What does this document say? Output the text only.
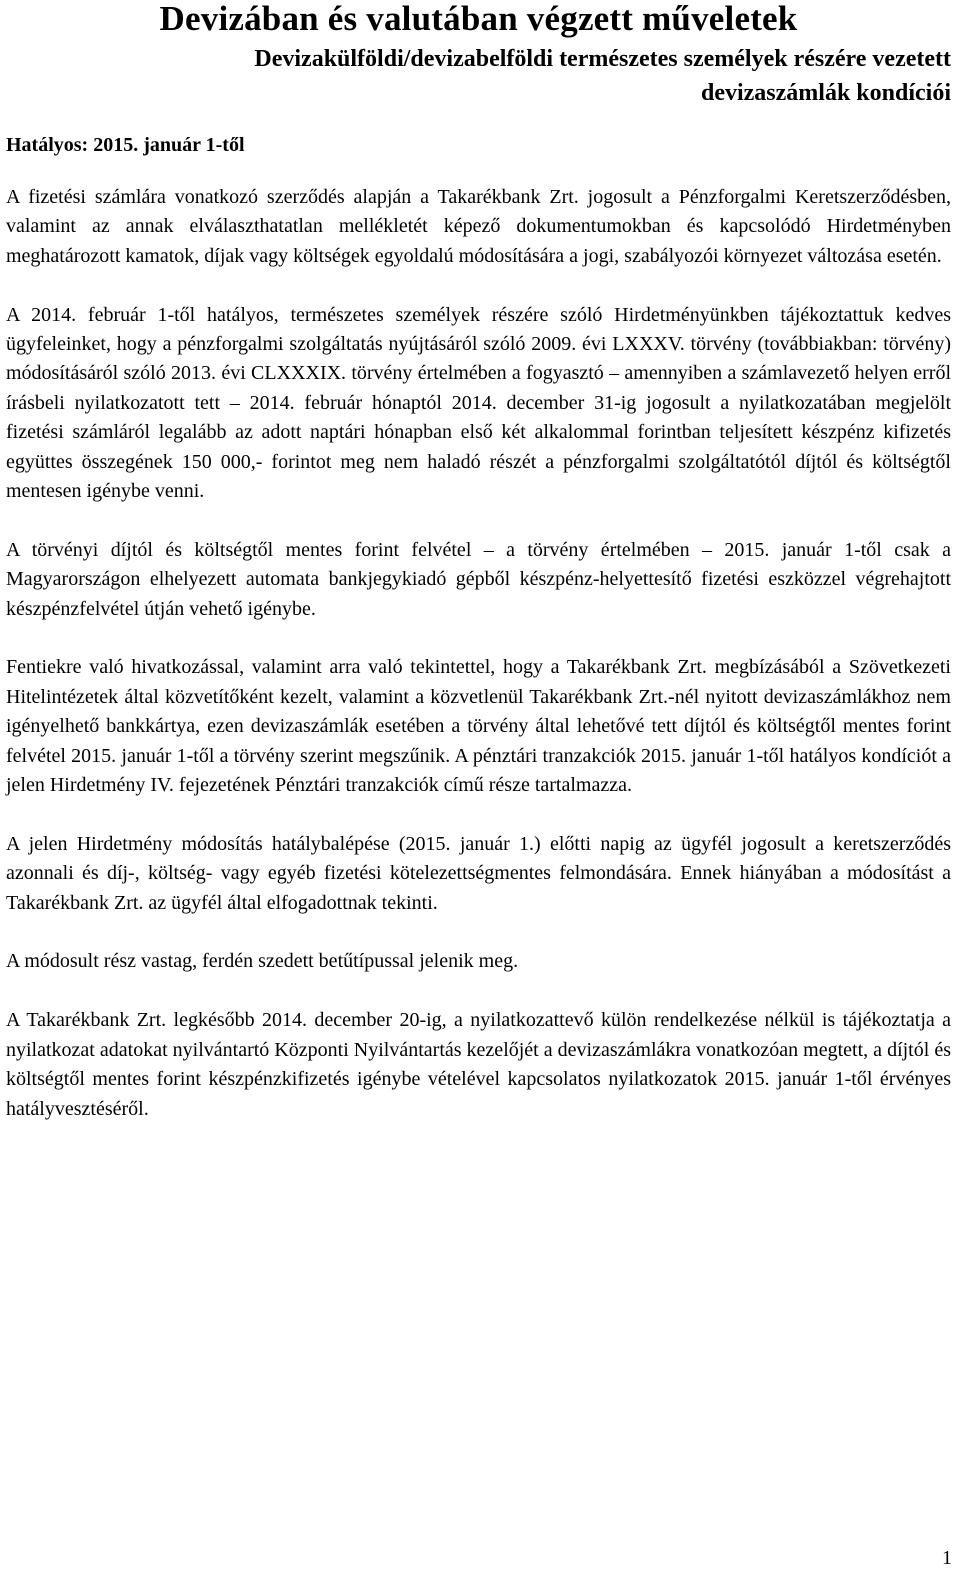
Devizában és valutában végzett műveletek
Devizakülföldi/devizabelföldi természetes személyek részére vezetett
devizaszámlák kondíciói
Hatályos: 2015. január 1-től

A fizetési számlára vonatkozó szerződés alapján a Takarékbank Zrt. jogosult a Pénzforgalmi Keretszerződésben, valamint az annak elválaszthatatlan mellékletét képező dokumentumokban és kapcsolódó Hirdetményben meghatározott kamatok, díjak vagy költségek egyoldalú módosítására a jogi, szabályozói környezet változása esetén.

A 2014. február 1-től hatályos, természetes személyek részére szóló Hirdetményünkben tájékoztattuk kedves ügyfeleinket, hogy a pénzforgalmi szolgáltatás nyújtásáról szóló 2009. évi LXXXV. törvény (továbbiakban: törvény) módosításáról szóló 2013. évi CLXXXIX. törvény értelmében a fogyasztó – amennyiben a számlavezető helyen erről írásbeli nyilatkozatott tett – 2014. február hónaptól 2014. december 31-ig jogosult a nyilatkozatában megjelölt fizetési számláról legalább az adott naptári hónapban első két alkalommal forintban teljesített készpénz kifizetés együttes összegének 150 000,- forintot meg nem haladó részét a pénzforgalmi szolgáltatótól díjtól és költségtől mentesen igénybe venni.

A törvényi díjtól és költségtől mentes forint felvétel – a törvény értelmében – 2015. január 1-től csak a Magyarországon elhelyezett automata bankjegykiadó gépből készpénz-helyettesítő fizetési eszközzel végrehajtott készpénzfelvétel útján vehető igénybe.

Fentiekre való hivatkozással, valamint arra való tekintettel, hogy a Takarékbank Zrt. megbízásából a Szövetkezeti Hitelintézetek által közvetítőként kezelt, valamint a közvetlenül Takarékbank Zrt.-nél nyitott devizaszámlákhoz nem igényelhető bankkártya, ezen devizaszámlák esetében a törvény által lehetővé tett díjtól és költségtől mentes forint felvétel 2015. január 1-től a törvény szerint megszűnik. A pénztári tranzakciók 2015. január 1-től hatályos kondíciót a jelen Hirdetmény IV. fejezetének Pénztári tranzakciók című része tartalmazza.

A jelen Hirdetmény módosítás hatálybalépése (2015. január 1.) előtti napig az ügyfél jogosult a keretszerződés azonnali és díj-, költség- vagy egyéb fizetési kötelezettségmentes felmondására. Ennek hiányában a módosítást a Takarékbank Zrt. az ügyfél által elfogadottnak tekinti.

A módosult rész vastag, ferdén szedett betűtípussal jelenik meg.

A Takarékbank Zrt. legkésőbb 2014. december 20-ig, a nyilatkozattevő külön rendelkezése nélkül is tájékoztatja a nyilatkozat adatokat nyilvántartó Központi Nyilvántartás kezelőjét a devizaszámlákra vonatkozóan megtett, a díjtól és költségtől mentes forint készpénzkifizetés igénybe vételével kapcsolatos nyilatkozatok 2015. január 1-től érvényes hatályvesztéséről.

1
